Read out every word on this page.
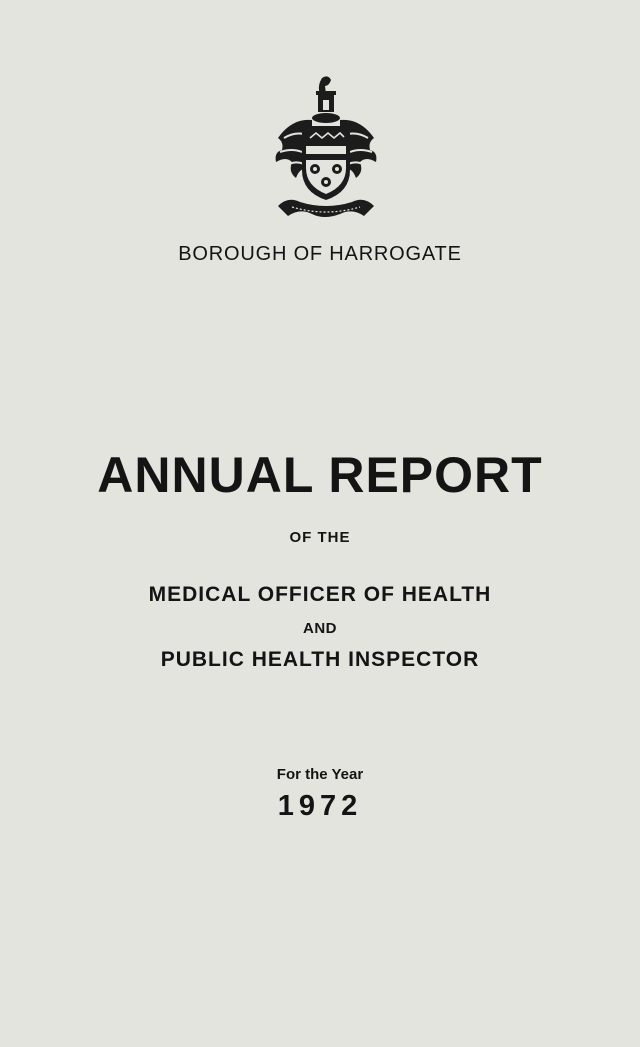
BOROUGH OF HARROGATE
ANNUAL REPORT
OF THE
MEDICAL OFFICER OF HEALTH
AND
PUBLIC HEALTH INSPECTOR
For the Year
1972
